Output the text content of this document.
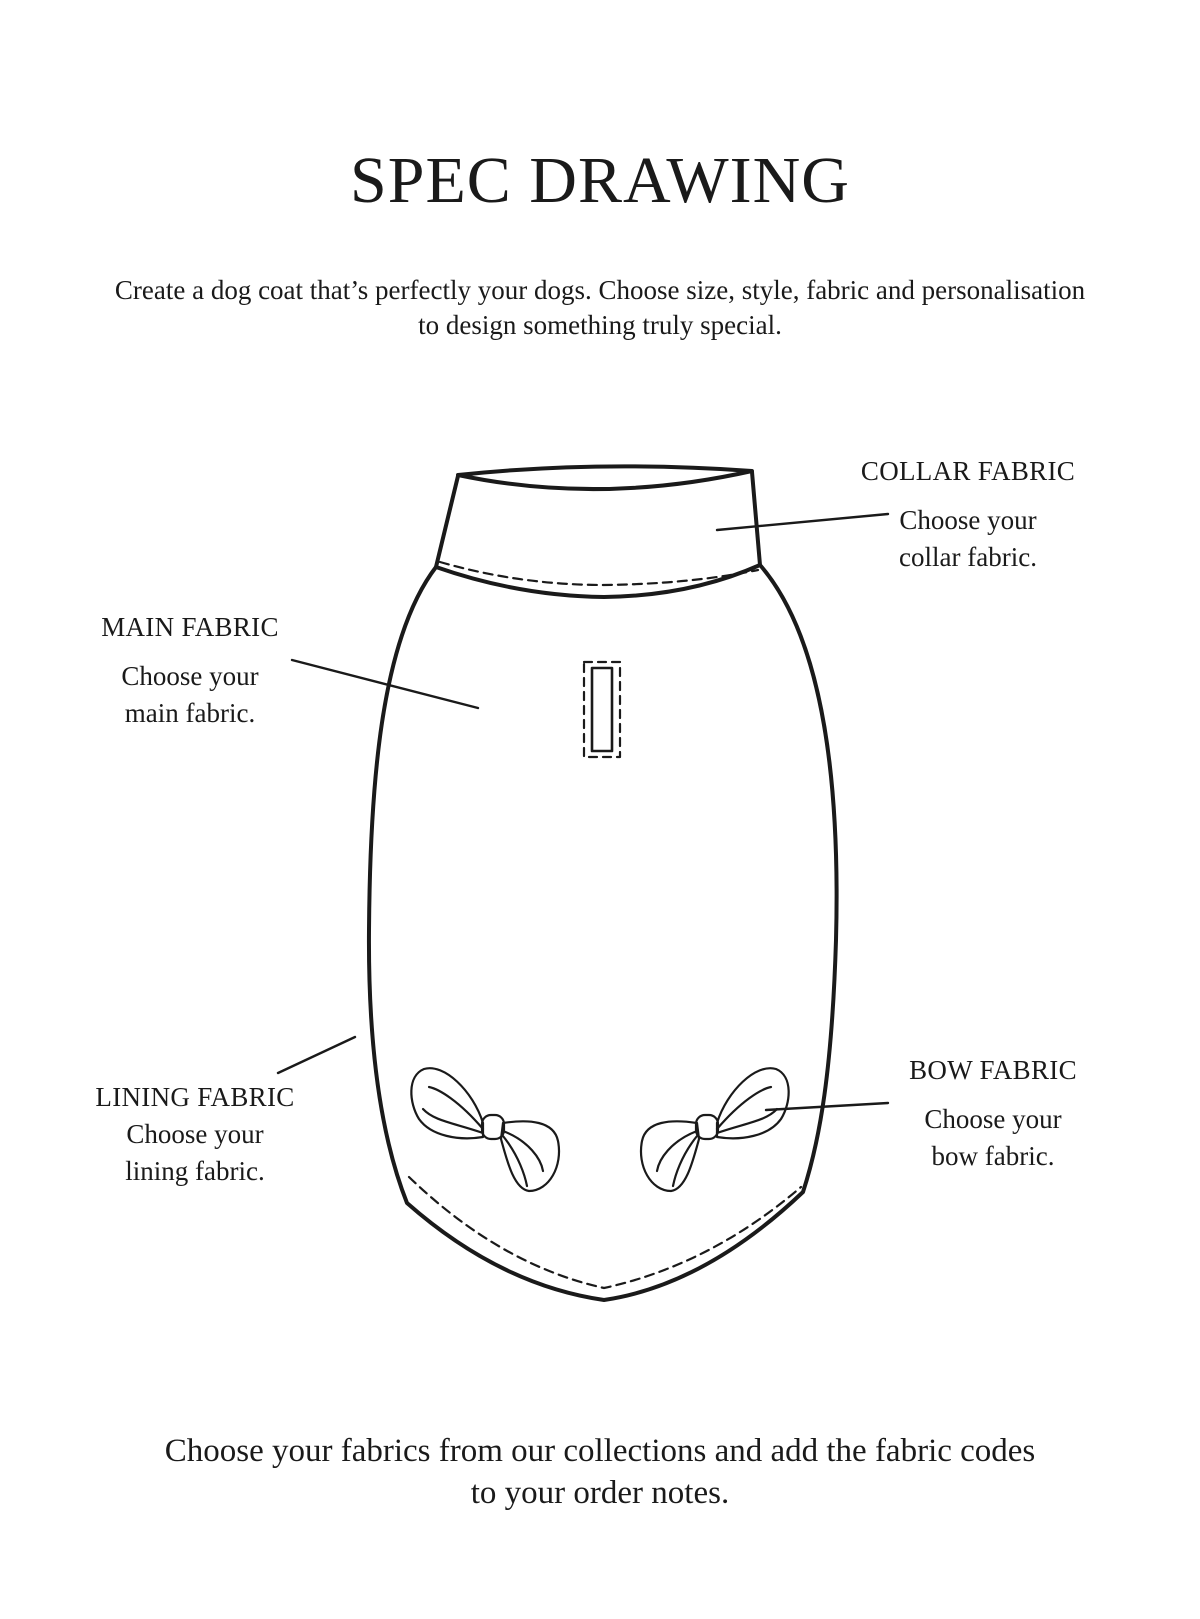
SPEC DRAWING
Create a dog coat that’s perfectly your dogs. Choose size, style, fabric and personalisation
to design something truly special.
COLLAR FABRIC
Choose your
collar fabric.
MAIN FABRIC
Choose your
main fabric.
LINING FABRIC
Choose your
lining fabric.
BOW FABRIC
Choose your
bow fabric.
Choose your fabrics from our collections and add the fabric codes
to your order notes.
